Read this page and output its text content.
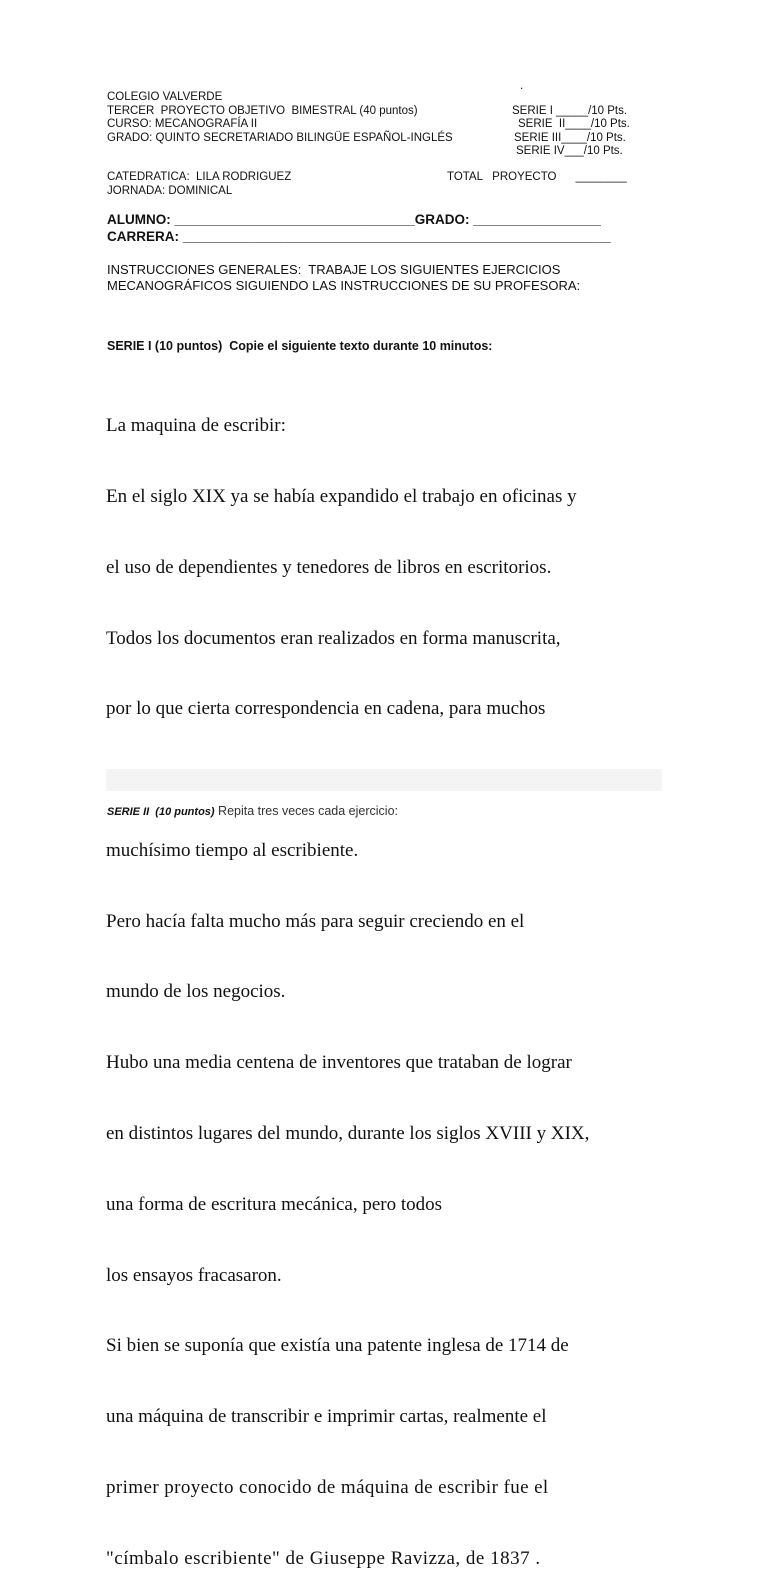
COLEGIO VALVERDE
TERCER  PROYECTO OBJETIVO  BIMESTRAL (40 puntos)
CURSO: MECANOGRAFÍA II
GRADO: QUINTO SECRETARIADO BILINGÜE ESPAÑOL-INGLÉS
.
SERIE I _____/10 Pts.
SERIE  II____/10 Pts.
SERIE III____/10 Pts.
SERIE IV___/10 Pts.
CATEDRATICA:  LILA RODRIGUEZ
JORNADA: DOMINICAL
TOTAL   PROYECTO      ________
ALUMNO: ________________________________GRADO: _________________
CARRERA: _________________________________________________________
INSTRUCCIONES GENERALES:  TRABAJE LOS SIGUIENTES EJERCICIOS
MECANOGRÁFICOS SIGUIENDO LAS INSTRUCCIONES DE SU PROFESORA:
SERIE I (10 puntos)  Copie el siguiente texto durante 10 minutos:

La maquina de escribir:

En el siglo XIX ya se había expandido el trabajo en oficinas y

el uso de dependientes y tenedores de libros en escritorios.

Todos los documentos eran realizados en forma manuscrita,

por lo que cierta correspondencia en cadena, para muchos

muchísimo tiempo al escribiente.

Pero hacía falta mucho más para seguir creciendo en el

mundo de los negocios.

Hubo una media centena de inventores que trataban de lograr

en distintos lugares del mundo, durante los siglos XVIII y XIX,

una forma de escritura mecánica, pero todos

los ensayos fracasaron.

Si bien se suponía que existía una patente inglesa de 1714 de

una máquina de transcribir e imprimir cartas, realmente el

primer proyecto conocido de máquina de escribir fue el

"címbalo escribiente" de Giuseppe Ravizza, de 1837 .

SERIE II  (10 puntos) Repita tres veces cada ejercicio:
